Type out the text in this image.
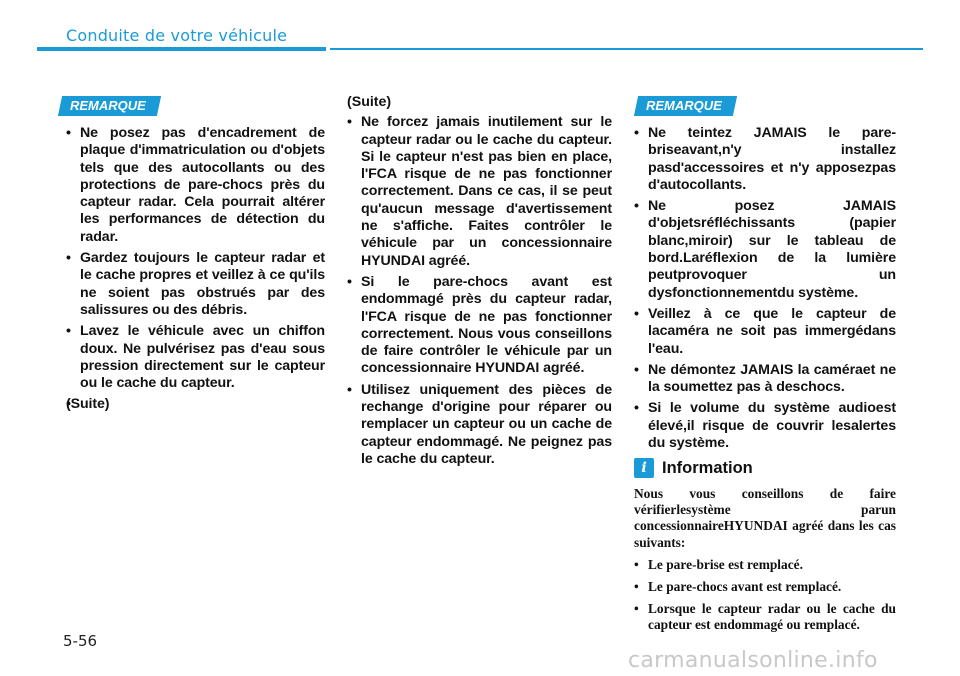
Conduite de votre véhicule
REMARQUE
• Ne posez pas d'encadrement de plaque d'immatriculation ou d'objets tels que des autocollants ou des protections de pare-chocs près du capteur radar. Cela pourrait altérer les performances de détection du radar.
• Gardez toujours le capteur radar et le cache propres et veillez à ce qu'ils ne soient pas obstrués par des salissures ou des débris.
• Lavez le véhicule avec un chiffon doux. Ne pulvérisez pas d'eau sous pression directement sur le capteur ou le cache du capteur.
• (Suite)
(Suite)
• Ne forcez jamais inutilement sur le capteur radar ou le cache du capteur. Si le capteur n'est pas bien en place, l'FCA risque de ne pas fonctionner correctement. Dans ce cas, il se peut qu'aucun message d'avertissement ne s'affiche. Faites contrôler le véhicule par un concessionnaire HYUNDAI agréé.
• Si le pare-chocs avant est endommagé près du capteur radar, l'FCA risque de ne pas fonctionner correctement. Nous vous conseillons de faire contrôler le véhicule par un concessionnaire HYUNDAI agréé.
• Utilisez uniquement des pièces de rechange d'origine pour réparer ou remplacer un capteur ou un cache de capteur endommagé. Ne peignez pas le cache du capteur.
REMARQUE
• Ne teintez JAMAIS le pare-briseavant,n'y installez pasd'accessoires et n'y apposezpas d'autocollants.
• Ne posez JAMAIS d'objetsréfléchissants (papier blanc,miroir) sur le tableau de bord.Laréflexion de la lumière peutprovoquer un dysfonctionnementdu système.
• Veillez à ce que le capteur de lacaméra ne soit pas immergédans l'eau.
• Ne démontez JAMAIS la caméraet ne la soumettez pas à deschocs.
• Si le volume du système audioest élevé,il risque de couvrir lesalertes du système.
i Information
Nous vous conseillons de faire vérifierlesystème parun concessionnaireHYUNDAI agréé dans les cas suivants:
• Le pare-brise est remplacé.
• Le pare-chocs avant est remplacé.
• Lorsque le capteur radar ou le cache du capteur est endommagé ou remplacé.
5-56
carmanualsonline.info
